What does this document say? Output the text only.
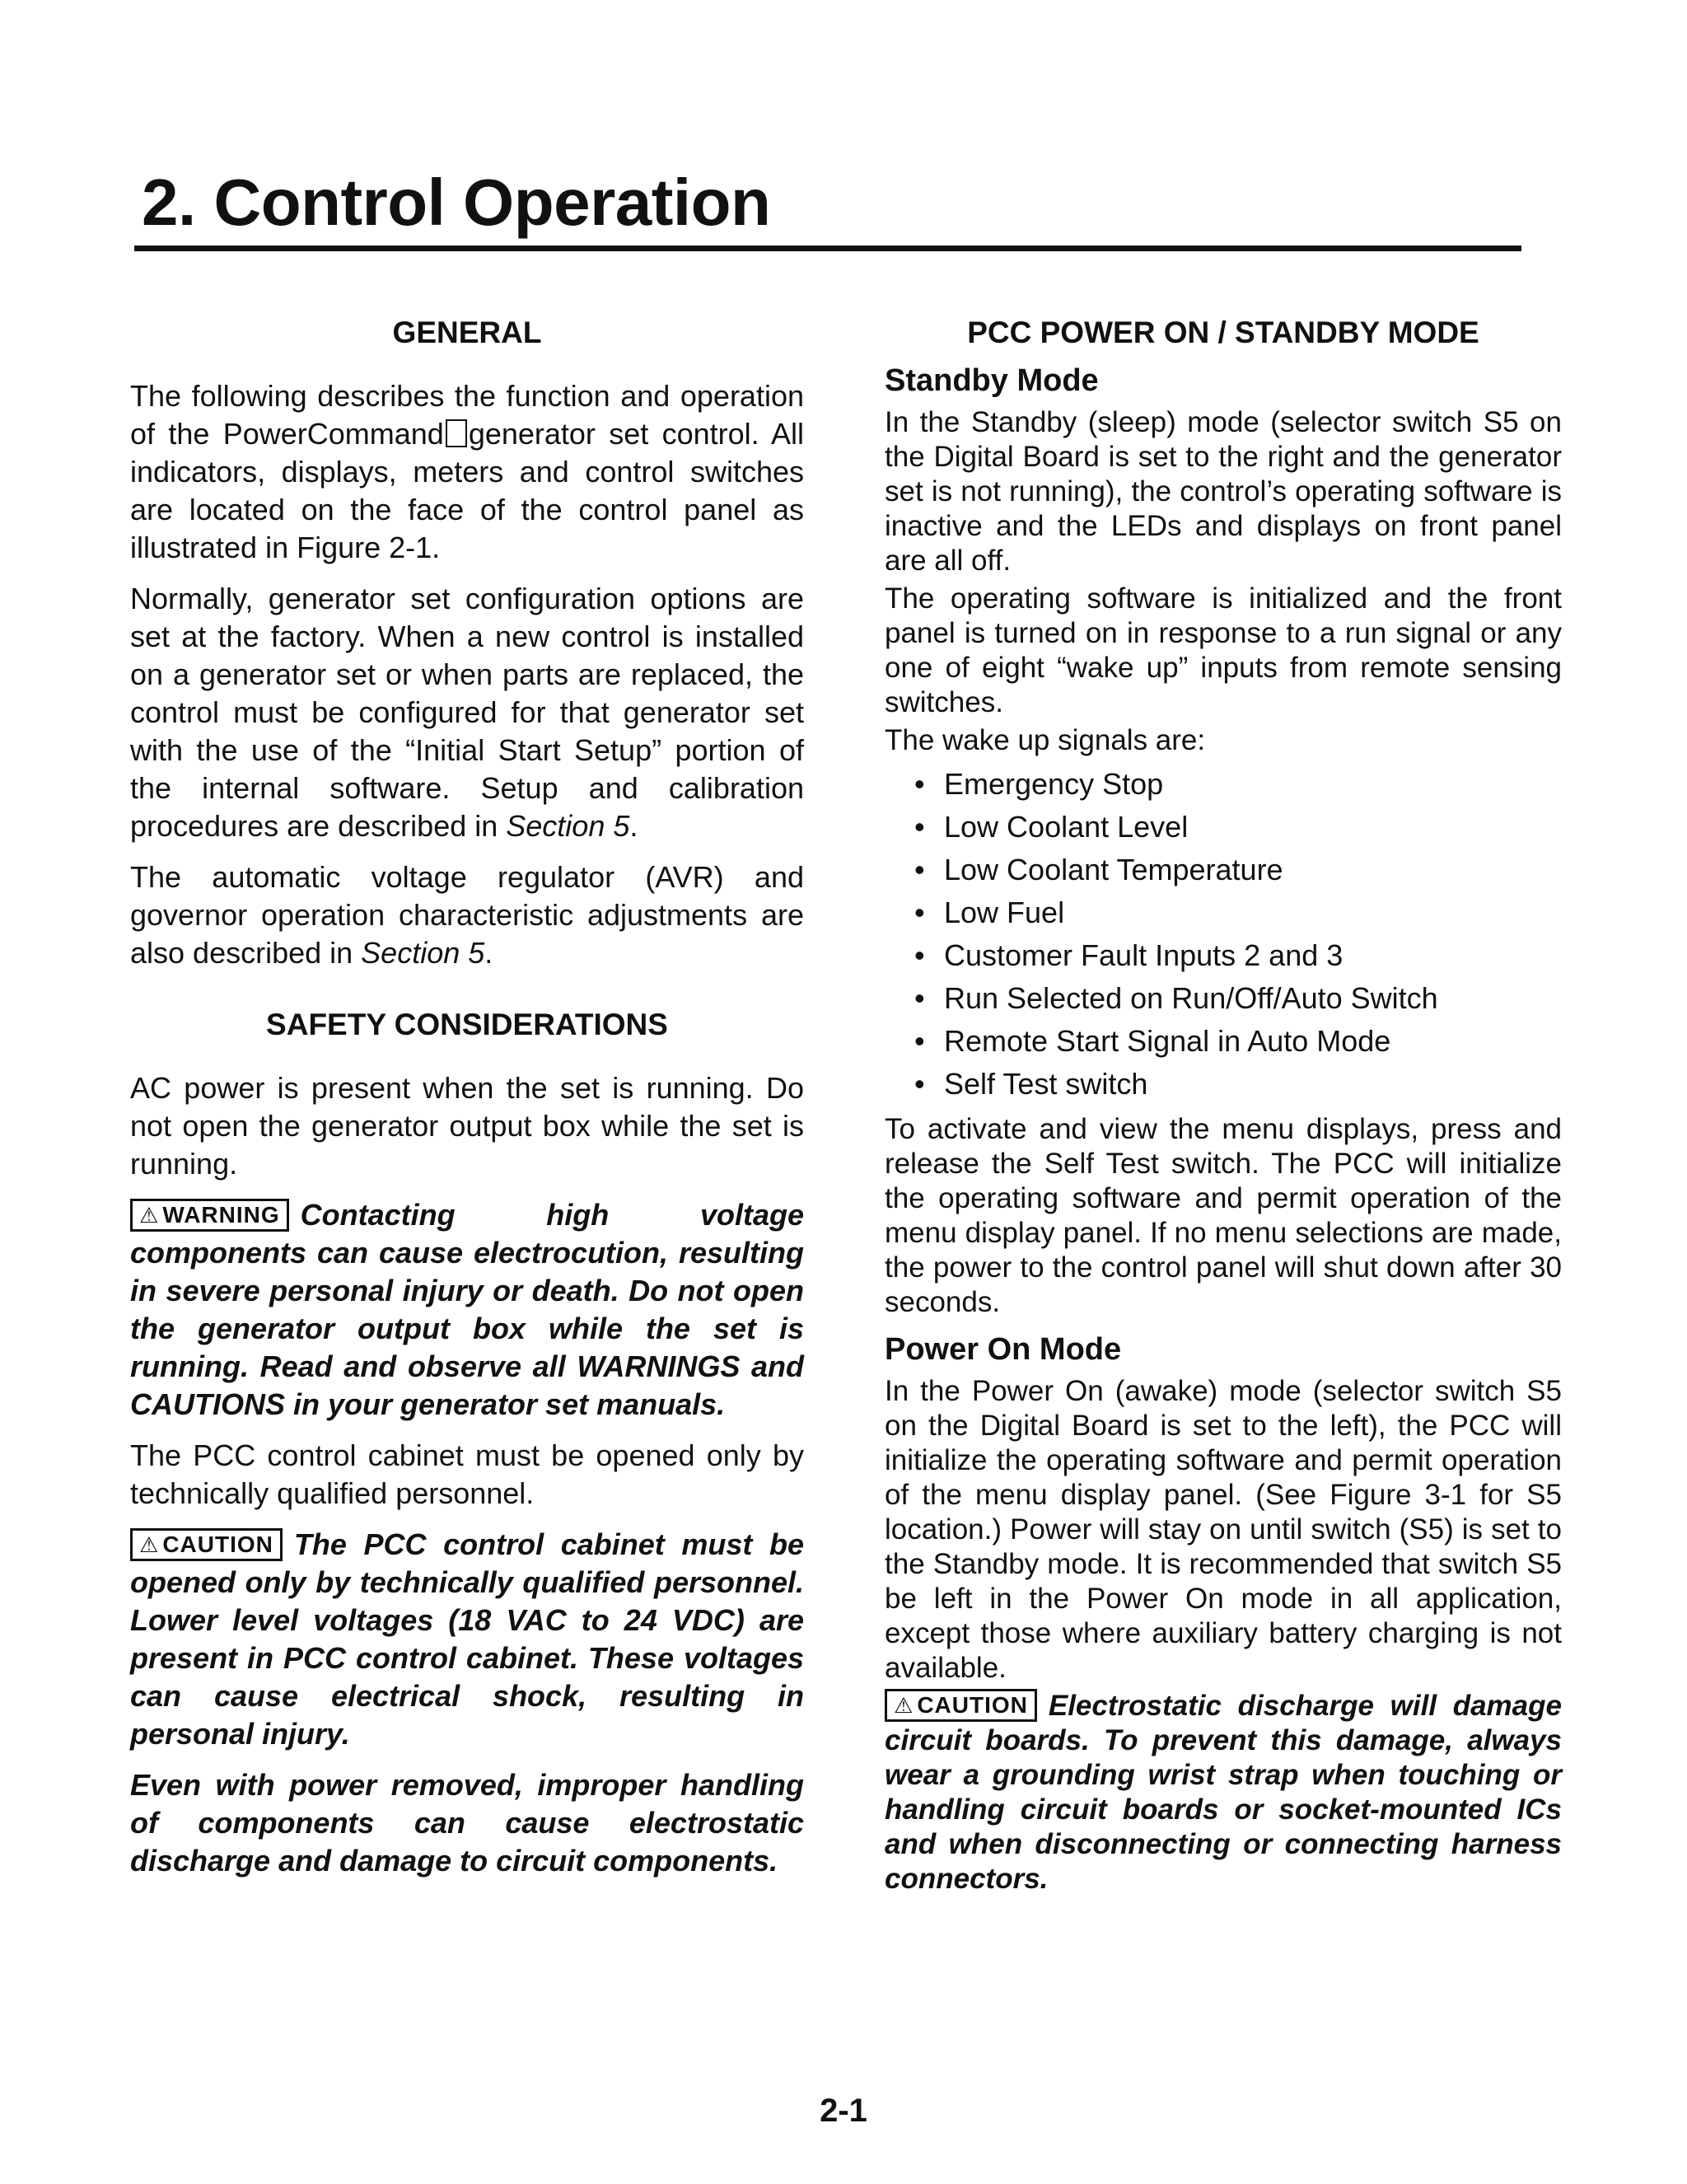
2. Control Operation
GENERAL

The following describes the function and operation of the PowerCommand generator set control. All indicators, displays, meters and control switches are located on the face of the control panel as illustrated in Figure 2-1.

Normally, generator set configuration options are set at the factory. When a new control is installed on a generator set or when parts are replaced, the control must be configured for that generator set with the use of the “Initial Start Setup” portion of the internal software. Setup and calibration procedures are described in Section 5.

The automatic voltage regulator (AVR) and governor operation characteristic adjustments are also described in Section 5.

SAFETY CONSIDERATIONS

AC power is present when the set is running. Do not open the generator output box while the set is running.

⚠ WARNING Contacting high voltage components can cause electrocution, resulting in severe personal injury or death. Do not open the generator output box while the set is running. Read and observe all WARNINGS and CAUTIONS in your generator set manuals.

The PCC control cabinet must be opened only by technically qualified personnel.

⚠ CAUTION The PCC control cabinet must be opened only by technically qualified personnel. Lower level voltages (18 VAC to 24 VDC) are present in PCC control cabinet. These voltages can cause electrical shock, resulting in personal injury.

Even with power removed, improper handling of components can cause electrostatic discharge and damage to circuit components.

PCC POWER ON / STANDBY MODE
Standby Mode

In the Standby (sleep) mode (selector switch S5 on the Digital Board is set to the right and the generator set is not running), the control’s operating software is inactive and the LEDs and displays on front panel are all off.

The operating software is initialized and the front panel is turned on in response to a run signal or any one of eight “wake up” inputs from remote sensing switches.

The wake up signals are:

• Emergency Stop
• Low Coolant Level
• Low Coolant Temperature
• Low Fuel
• Customer Fault Inputs 2 and 3
• Run Selected on Run/Off/Auto Switch
• Remote Start Signal in Auto Mode
• Self Test switch

To activate and view the menu displays, press and release the Self Test switch. The PCC will initialize the operating software and permit operation of the menu display panel. If no menu selections are made, the power to the control panel will shut down after 30 seconds.

Power On Mode

In the Power On (awake) mode (selector switch S5 on the Digital Board is set to the left), the PCC will initialize the operating software and permit operation of the menu display panel. (See Figure 3-1 for S5 location.) Power will stay on until switch (S5) is set to the Standby mode. It is recommended that switch S5 be left in the Power On mode in all application, except those where auxiliary battery charging is not available.

⚠ CAUTION Electrostatic discharge will damage circuit boards. To prevent this damage, always wear a grounding wrist strap when touching or handling circuit boards or socket-mounted ICs and when disconnecting or connecting harness connectors.

2-1
